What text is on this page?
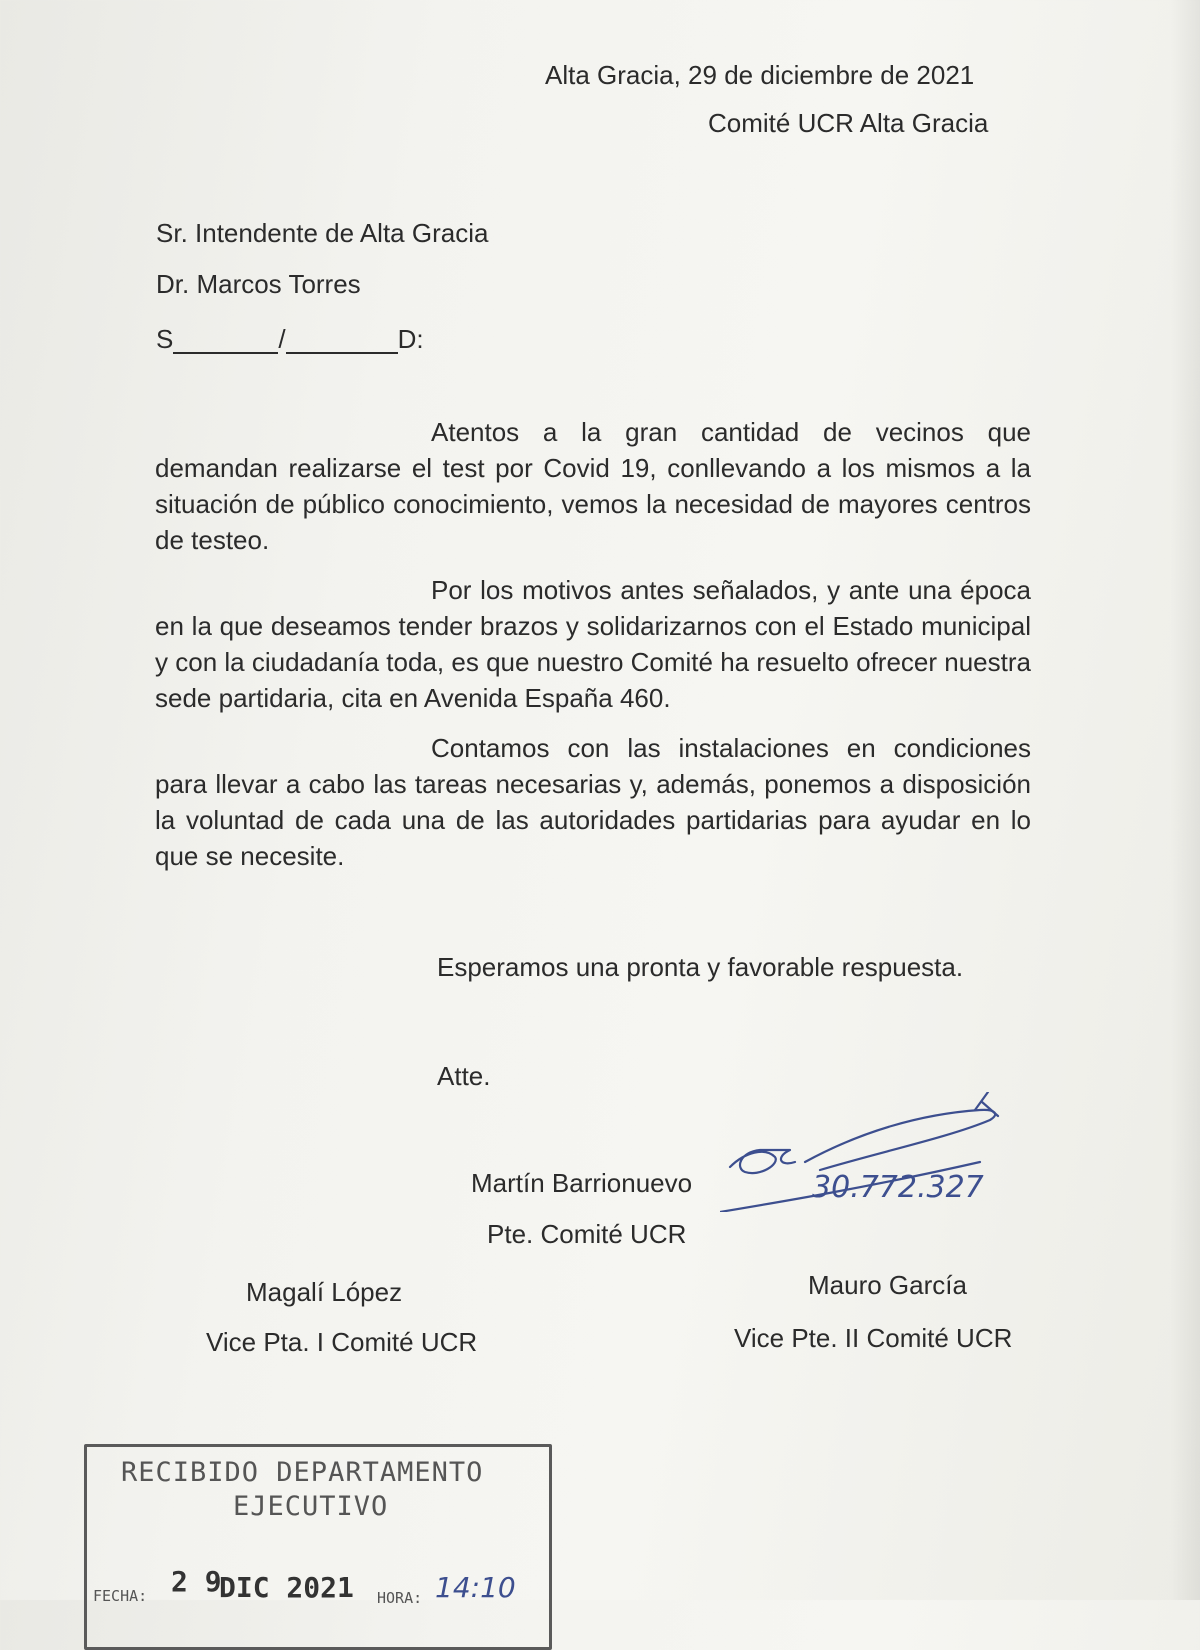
Alta Gracia, 29 de diciembre de 2021
Comité UCR Alta Gracia
Sr. Intendente de Alta Gracia
Dr. Marcos Torres
S	/	D:

Atentos a la gran cantidad de vecinos que demandan realizarse el test por Covid 19, conllevando a los mismos a la situación de público conocimiento, vemos la necesidad de mayores centros de testeo.

Por los motivos antes señalados, y ante una época en la que deseamos tender brazos y solidarizarnos con el Estado municipal y con la ciudadanía toda, es que nuestro Comité ha resuelto ofrecer nuestra sede partidaria, cita en Avenida España 460.

Contamos con las instalaciones en condiciones para llevar a cabo las tareas necesarias y, además, ponemos a disposición la voluntad de cada una de las autoridades partidarias para ayudar en lo que se necesite.

Esperamos una pronta y favorable respuesta.
Atte.
Martín Barrionuevo
Pte. Comité UCR
30.772.327
Magalí López
Vice Pta. I Comité UCR
Mauro García
Vice Pte. II Comité UCR
RECIBIDO DEPARTAMENTO
EJECUTIVO
FECHA: 2 9
DIC 2021 HORA: 14:10
